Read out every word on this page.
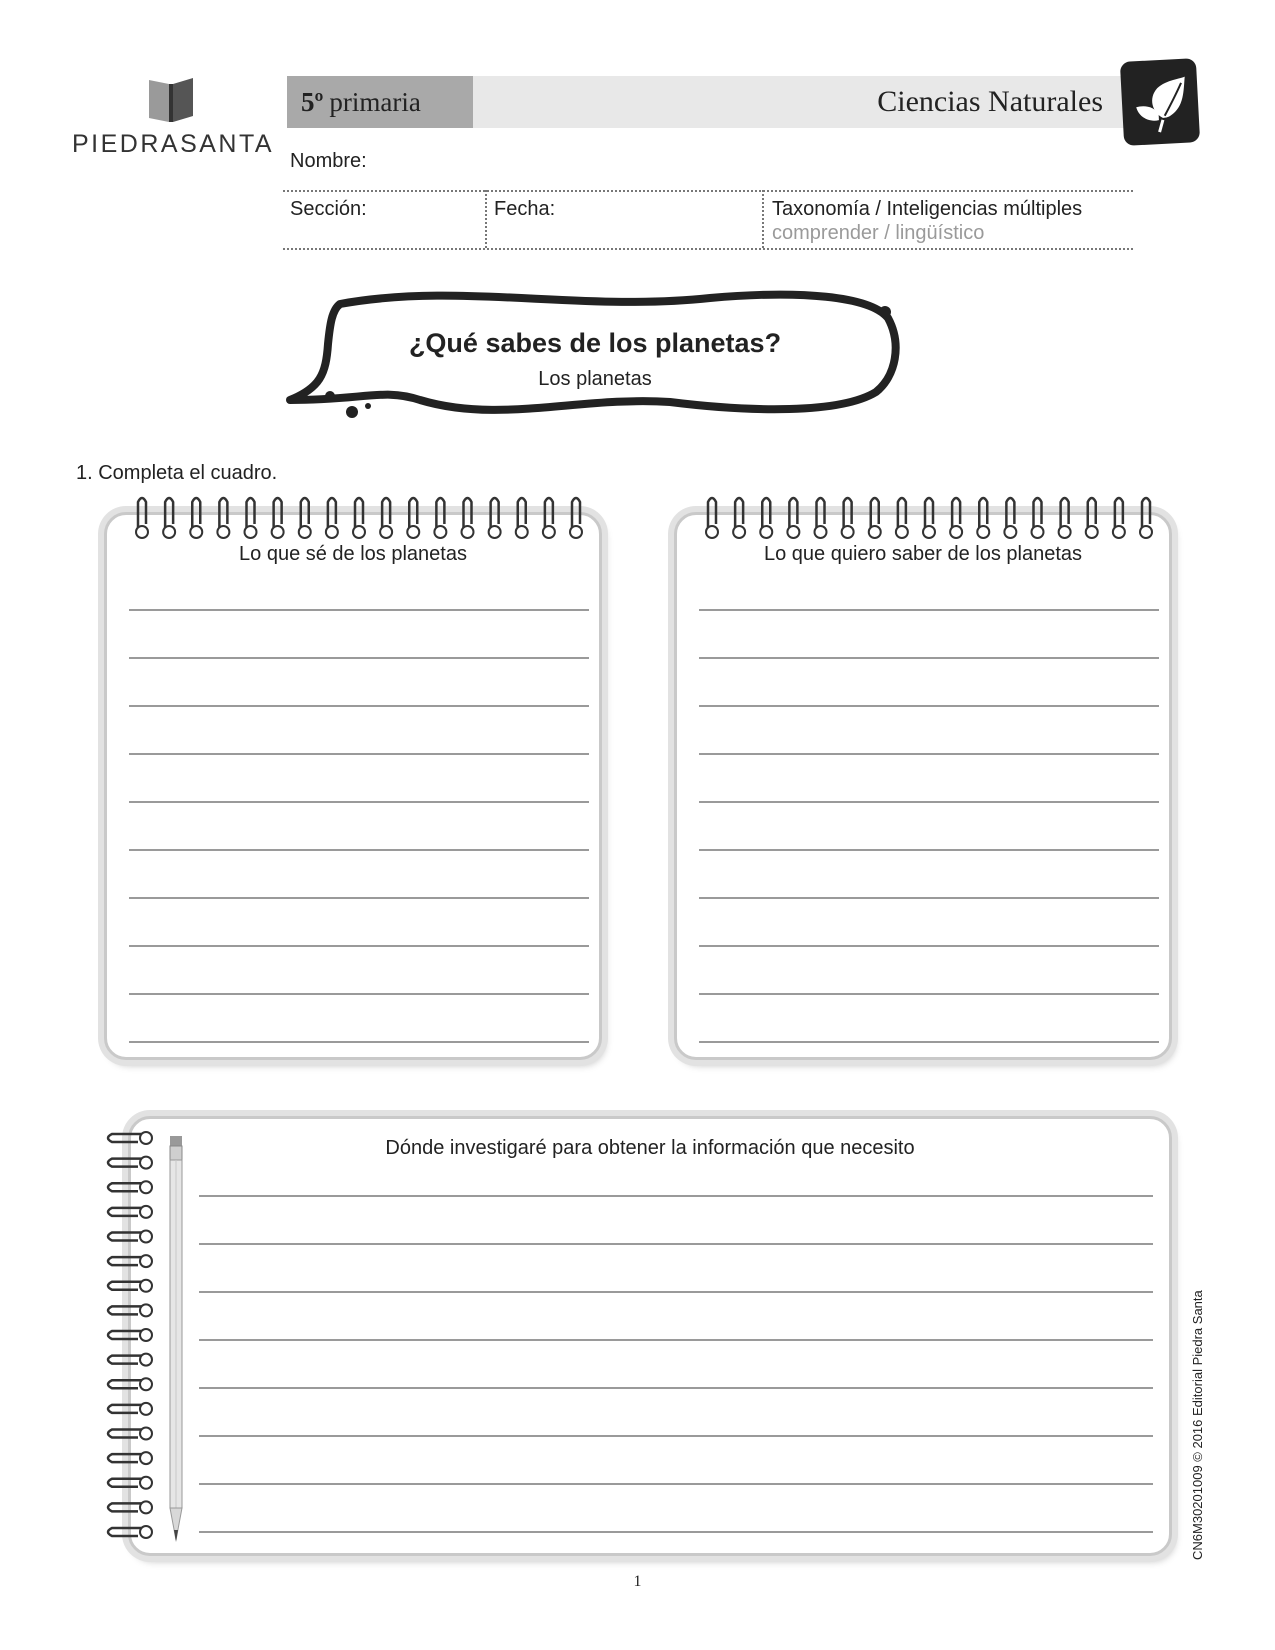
PIEDRASANTA
5º primaria	Ciencias Naturales
Nombre:
Sección:	Fecha:	Taxonomía / Inteligencias múltiples
comprender / lingüístico
¿Qué sabes de los planetas?
Los planetas
1. Completa el cuadro.
Lo que sé de los planetas	Lo que quiero saber de los planetas
Dónde investigaré para obtener la información que necesito
1
CN6M30201009 © 2016 Editorial Piedra Santa
